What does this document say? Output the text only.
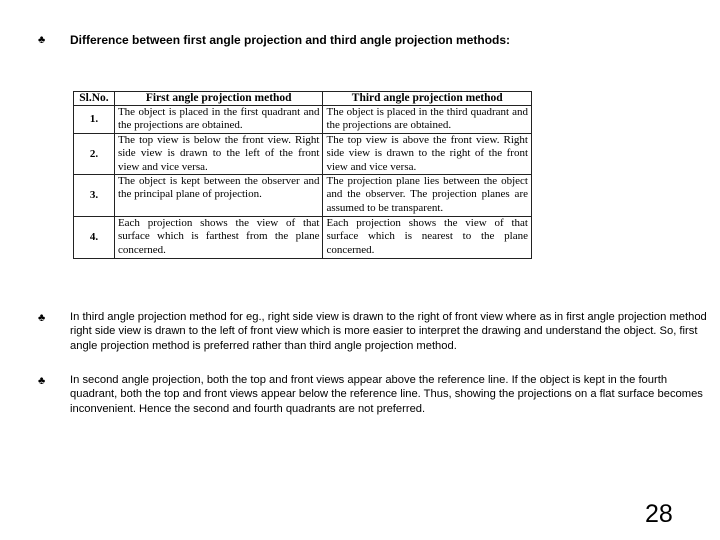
♣ Difference between first angle projection and third angle projection methods:
Sl.No.	First angle projection method	Third angle projection method
1.	The object is placed in the first quadrant and the projections are obtained.	The object is placed in the third quadrant and the projections are obtained.
2.	The top view is below the front view. Right side view is drawn to the left of the front view and vice versa.	The top view is above the front view. Right side view is drawn to the right of the front view and vice versa.
3.	The object is kept between the observer and the principal plane of projection.	The projection plane lies between the object and the observer. The projection planes are assumed to be transparent.
4.	Each projection shows the view of that surface which is farthest from the plane concerned.	Each projection shows the view of that surface which is nearest to the plane concerned.
♣ In third angle projection method for eg., right side view is drawn to the right of front view where as in first angle projection method right side view is drawn to the left of front view which is more easier to interpret the drawing and understand the object. So, first angle projection method is preferred rather than third angle projection method.
♣ In second angle projection, both the top and front views appear above the reference line. If the object is kept in the fourth quadrant, both the top and front views appear below the reference line. Thus, showing the projections on a flat surface becomes inconvenient. Hence the second and fourth quadrants are not preferred.
28
